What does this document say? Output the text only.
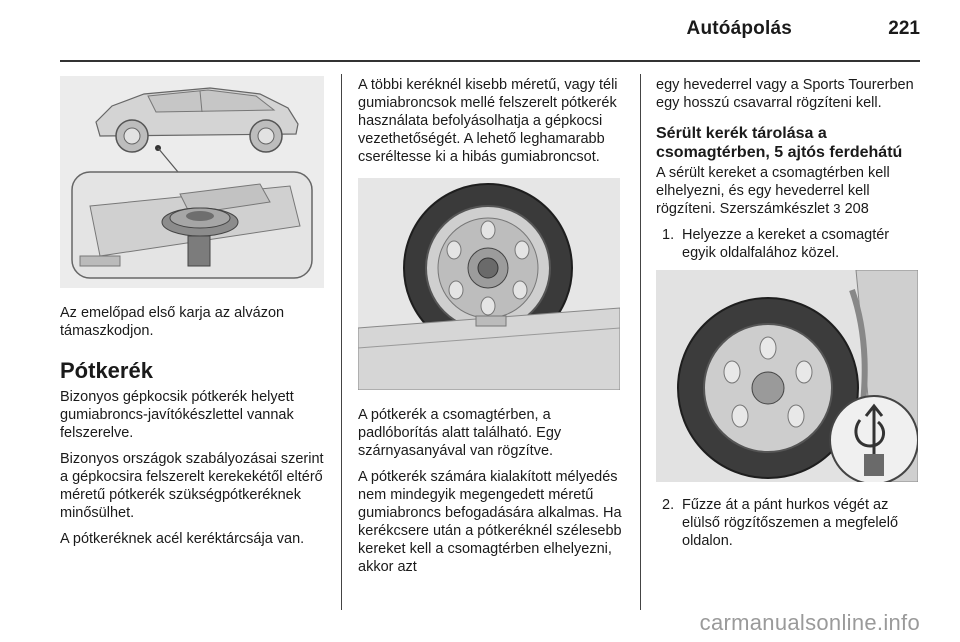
Autóápolás	221

Az emelőpad első karja az alvázon támaszkodjon.

Pótkerék

Bizonyos gépkocsik pótkerék helyett gumiabroncs-javítókészlettel vannak felszerelve.

Bizonyos országok szabályozásai szerint a gépkocsira felszerelt kerekekétől eltérő méretű pótkerék szükségpótkeréknek minősülhet.

A pótkeréknek acél keréktárcsája van.

A többi keréknél kisebb méretű, vagy téli gumiabroncsok mellé felszerelt pótkerék használata befolyásolhatja a gépkocsi vezethetőségét. A lehető leghamarabb cseréltesse ki a hibás gumiabroncsot.

A pótkerék a csomagtérben, a padlóborítás alatt található. Egy szárnyasanyával van rögzítve.

A pótkerék számára kialakított mélyedés nem mindegyik megengedett méretű gumiabroncs befogadására alkalmas. Ha kerékcsere után a pótkeréknél szélesebb kereket kell a csomagtérben elhelyezni, akkor azt

egy hevederrel vagy a Sports Tourerben egy hosszú csavarral rögzíteni kell.

Sérült kerék tárolása a csomagtérben, 5 ajtós ferdehátú

A sérült kereket a csomagtérben kell elhelyezni, és egy hevederrel kell rögzíteni. Szerszámkészlet 3 208

1. Helyezze a kereket a csomagtér egyik oldalfalához közel.
2. Fűzze át a pánt hurkos végét az elülső rögzítőszemen a megfelelő oldalon.
carmanualsonline.info
